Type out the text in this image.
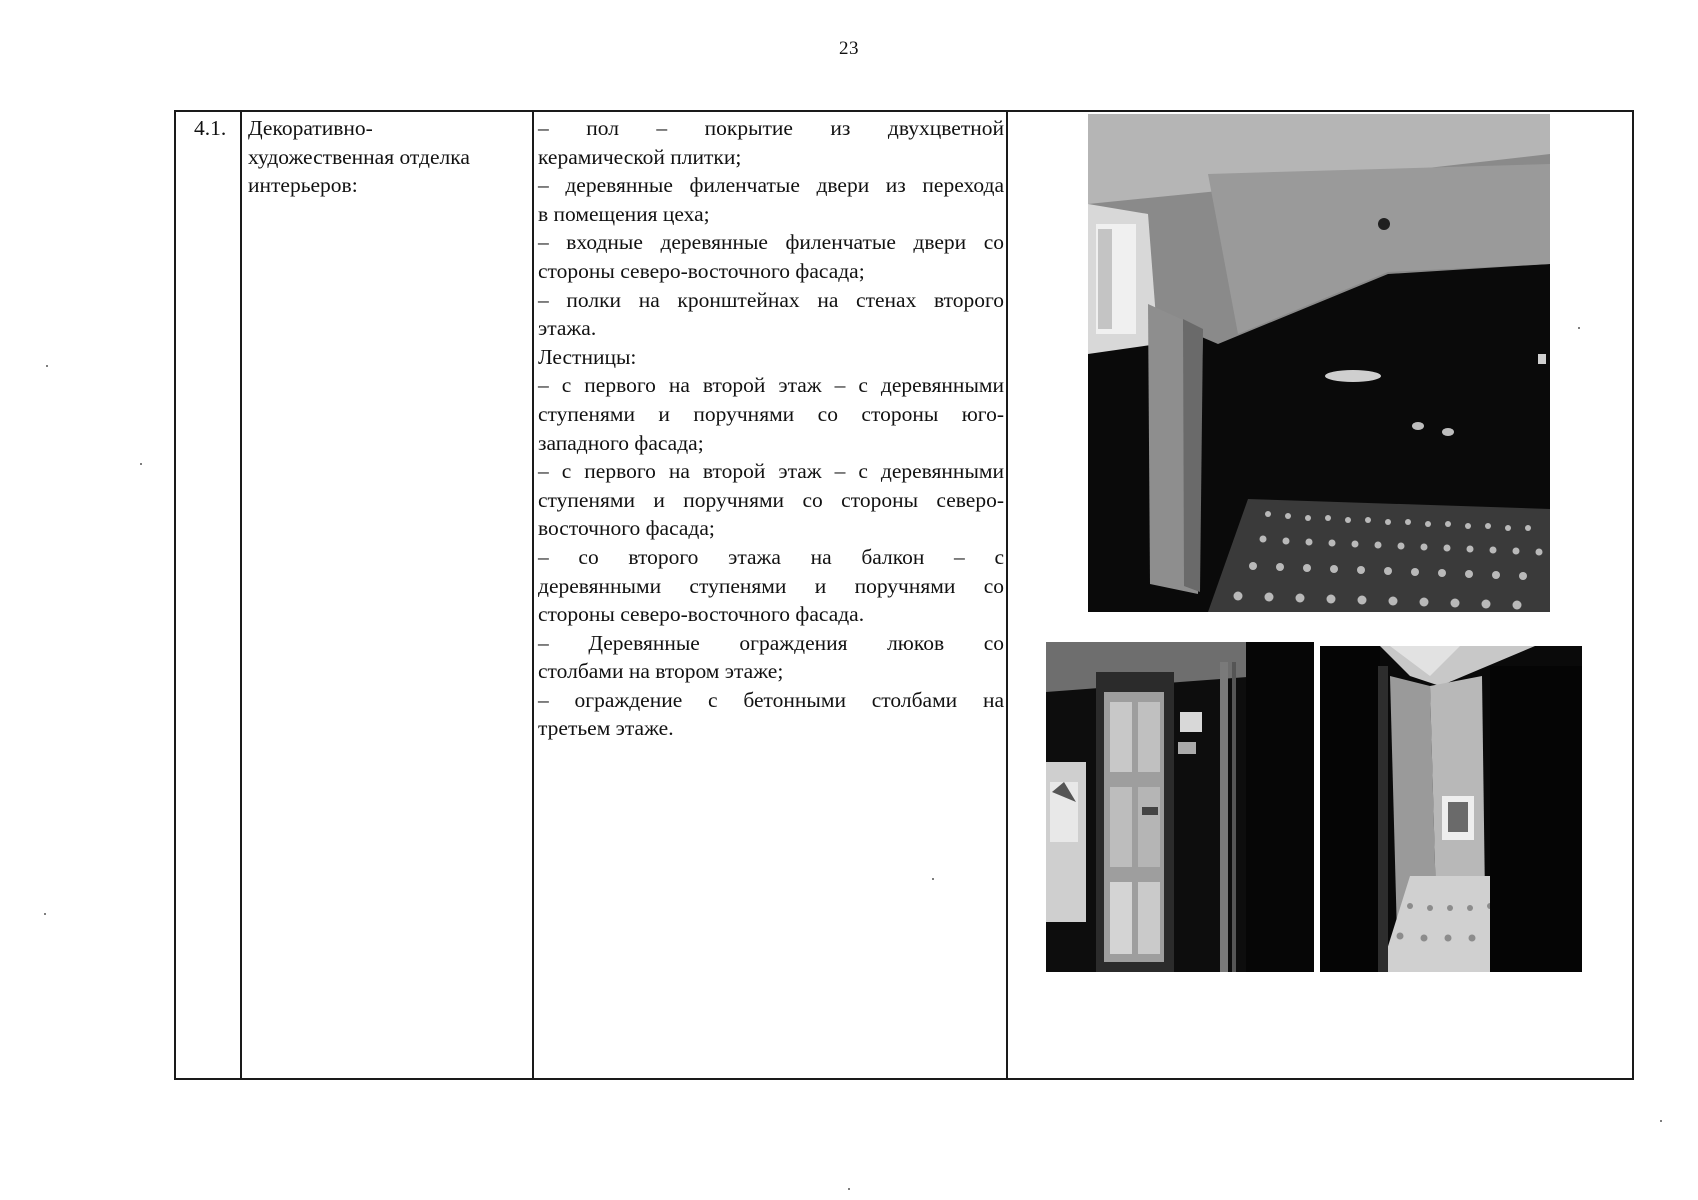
23
4.1. Декоративно-
художественная отделка
интерьеров:
– пол – покрытие из двухцветной
керамической плитки;
– деревянные филенчатые двери из перехода
в помещения цеха;
– входные деревянные филенчатые двери со
стороны северо-восточного фасада;
– полки на кронштейнах на стенах второго
этажа.
Лестницы:
– с первого на второй этаж – с деревянными
ступенями и поручнями со стороны юго-
западного фасада;
– с первого на второй этаж – с деревянными
ступенями и поручнями со стороны северо-
восточного фасада;
– со второго этажа на балкон – с
деревянными ступенями и поручнями со
стороны северо-восточного фасада.
– Деревянные ограждения люков со
столбами на втором этаже;
– ограждение с бетонными столбами на
третьем этаже.
